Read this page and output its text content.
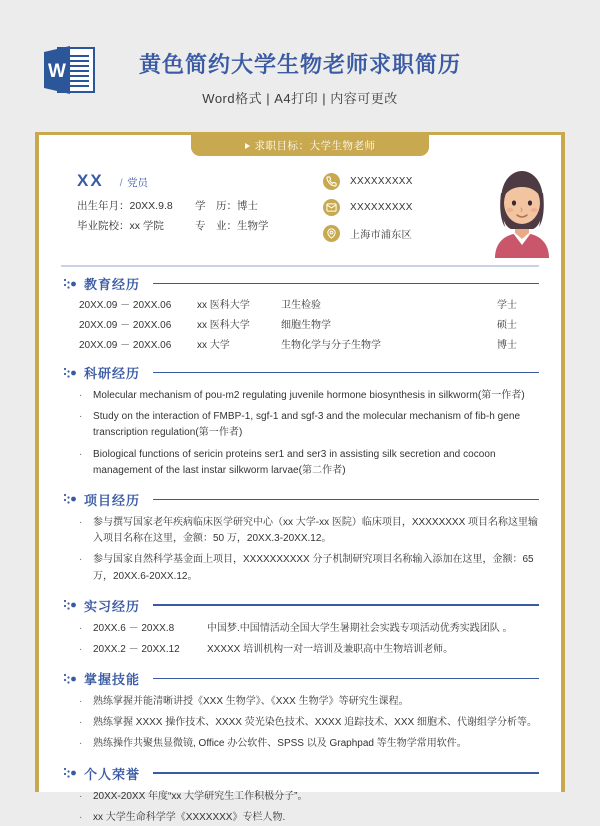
W	黄色简约大学生物老师求职简历
Word格式 | A4打印 | 内容可更改
求职目标：大学生物老师
XX / 党员
出生年月：20XX.9.8	学　历：博士
毕业院校：xx 学院	专　业：生物学
XXXXXXXXX
XXXXXXXXX
上海市浦东区
教育经历
20XX.09 － 20XX.06	xx 医科大学	卫生检验	学士
20XX.09 － 20XX.06	xx 医科大学	细胞生物学	硕士
20XX.09 － 20XX.06	xx 大学	生物化学与分子生物学	博士
科研经历
· Molecular mechanism of pou-m2 regulating juvenile hormone biosynthesis in silkworm(第一作者)
· Study on the interaction of FMBP-1, sgf-1 and sgf-3 and the molecular mechanism of fib-h gene transcription regulation(第一作者)
· Biological functions of sericin proteins ser1 and ser3 in assisting silk secretion and cocoon management of the last instar silkworm larvae(第二作者)
项目经历
· 参与撰写国家老年疾病临床医学研究中心（xx 大学-xx 医院）临床项目，XXXXXXXX 项目名称这里输入项目名称在这里，金额：50 万，20XX.3-20XX.12。
· 参与国家自然科学基金面上项目，XXXXXXXXXX 分子机制研究项目名称输入添加在这里，金额：65 万，20XX.6-20XX.12。
实习经历
· 20XX.6 － 20XX.8	中国梦.中国情活动全国大学生暑期社会实践专项活动优秀实践团队 。
· 20XX.2 － 20XX.12	XXXXX 培训机构一对一培训及兼职高中生物培训老师。
掌握技能
· 熟练掌握并能清晰讲授《XXX 生物学》、《XXX 生物学》等研究生课程。
· 熟练掌握 XXXX 操作技术、XXXX 荧光染色技术、XXXX 追踪技术、XXX 细胞术、代谢组学分析等。
· 熟练操作共聚焦显微镜, Office 办公软件、SPSS 以及 Graphpad 等生物学常用软件。
个人荣誉
· 20XX-20XX 年度“xx 大学研究生工作积极分子”。
· xx 大学生命科学学《XXXXXXX》专栏人物.
